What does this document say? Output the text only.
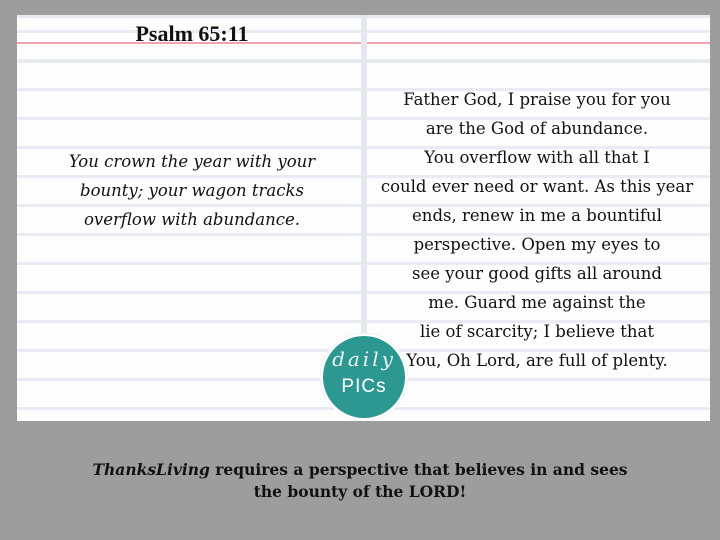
Psalm 65:11
You crown the year with your
bounty; your wagon tracks
overflow with abundance.
Father God, I praise you for you
are the God of abundance.
You overflow with all that I
could ever need or want. As this year
ends, renew in me a bountiful
perspective. Open my eyes to
see your good gifts all around
me. Guard me against the
lie of scarcity; I believe that
You, Oh Lord, are full of plenty.
daily
PICs
ThanksLiving requires a perspective that believes in and sees
the bounty of the LORD!
